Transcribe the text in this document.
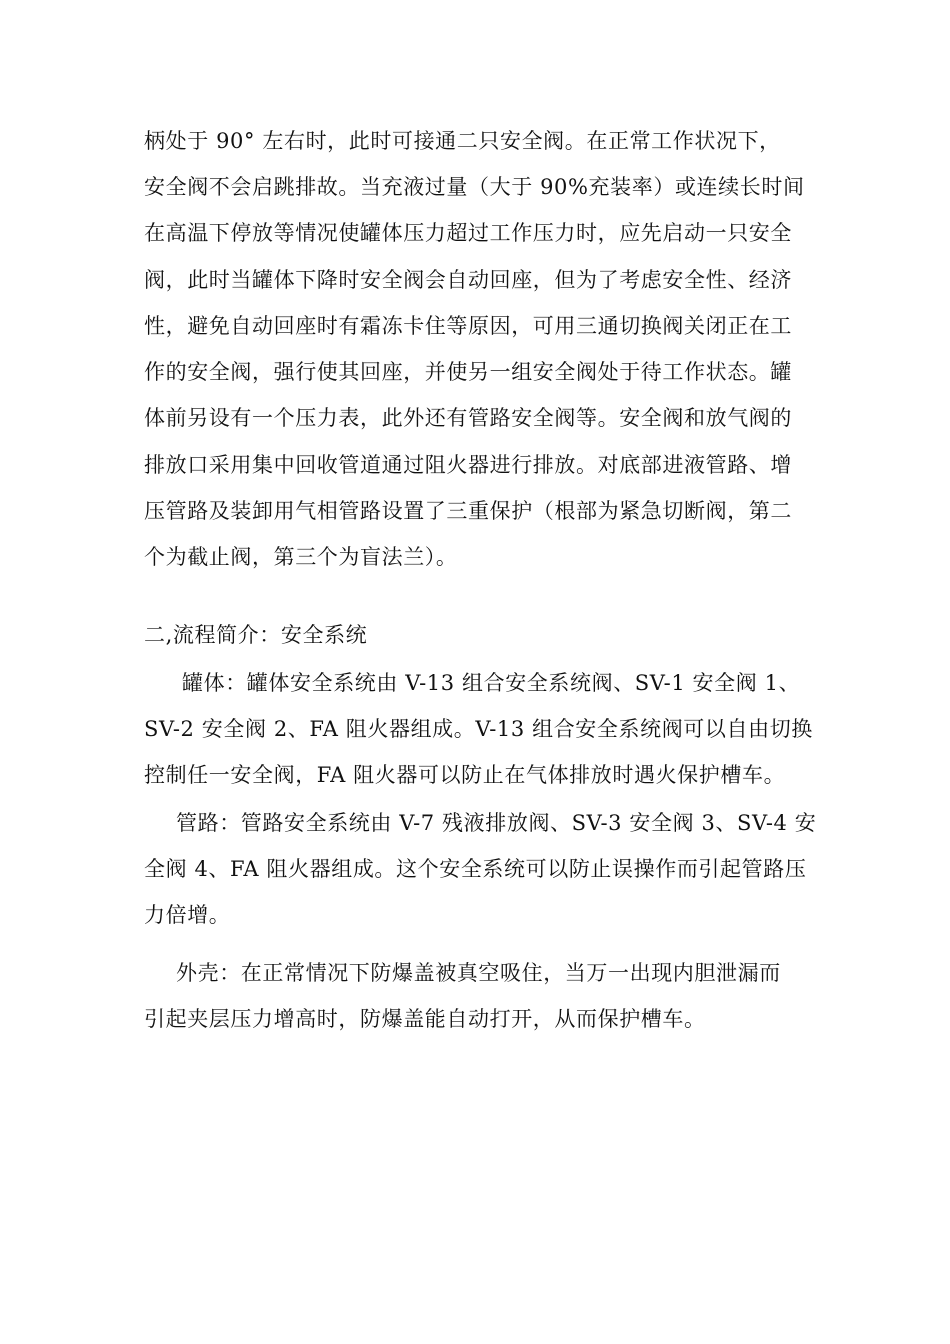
柄处于 90° 左右时，此时可接通二只安全阀。在正常工作状况下，
安全阀不会启跳排故。当充液过量（大于 90%充装率）或连续长时间
在高温下停放等情况使罐体压力超过工作压力时，应先启动一只安全
阀，此时当罐体下降时安全阀会自动回座，但为了考虑安全性、经济
性，避免自动回座时有霜冻卡住等原因，可用三通切换阀关闭正在工
作的安全阀，强行使其回座，并使另一组安全阀处于待工作状态。罐
体前另设有一个压力表，此外还有管路安全阀等。安全阀和放气阀的
排放口采用集中回收管道通过阻火器进行排放。对底部进液管路、增
压管路及装卸用气相管路设置了三重保护（根部为紧急切断阀，第二
个为截止阀，第三个为盲法兰）。
二,流程简介：安全系统
罐体：罐体安全系统由 V-13 组合安全系统阀、SV-1 安全阀 1、
SV-2 安全阀 2、FA 阻火器组成。V-13 组合安全系统阀可以自由切换
控制任一安全阀，FA 阻火器可以防止在气体排放时遇火保护槽车。
管路：管路安全系统由 V-7 残液排放阀、SV-3 安全阀 3、SV-4 安
全阀 4、FA 阻火器组成。这个安全系统可以防止误操作而引起管路压
力倍增。
外壳：在正常情况下防爆盖被真空吸住，当万一出现内胆泄漏而
引起夹层压力增高时，防爆盖能自动打开，从而保护槽车。
